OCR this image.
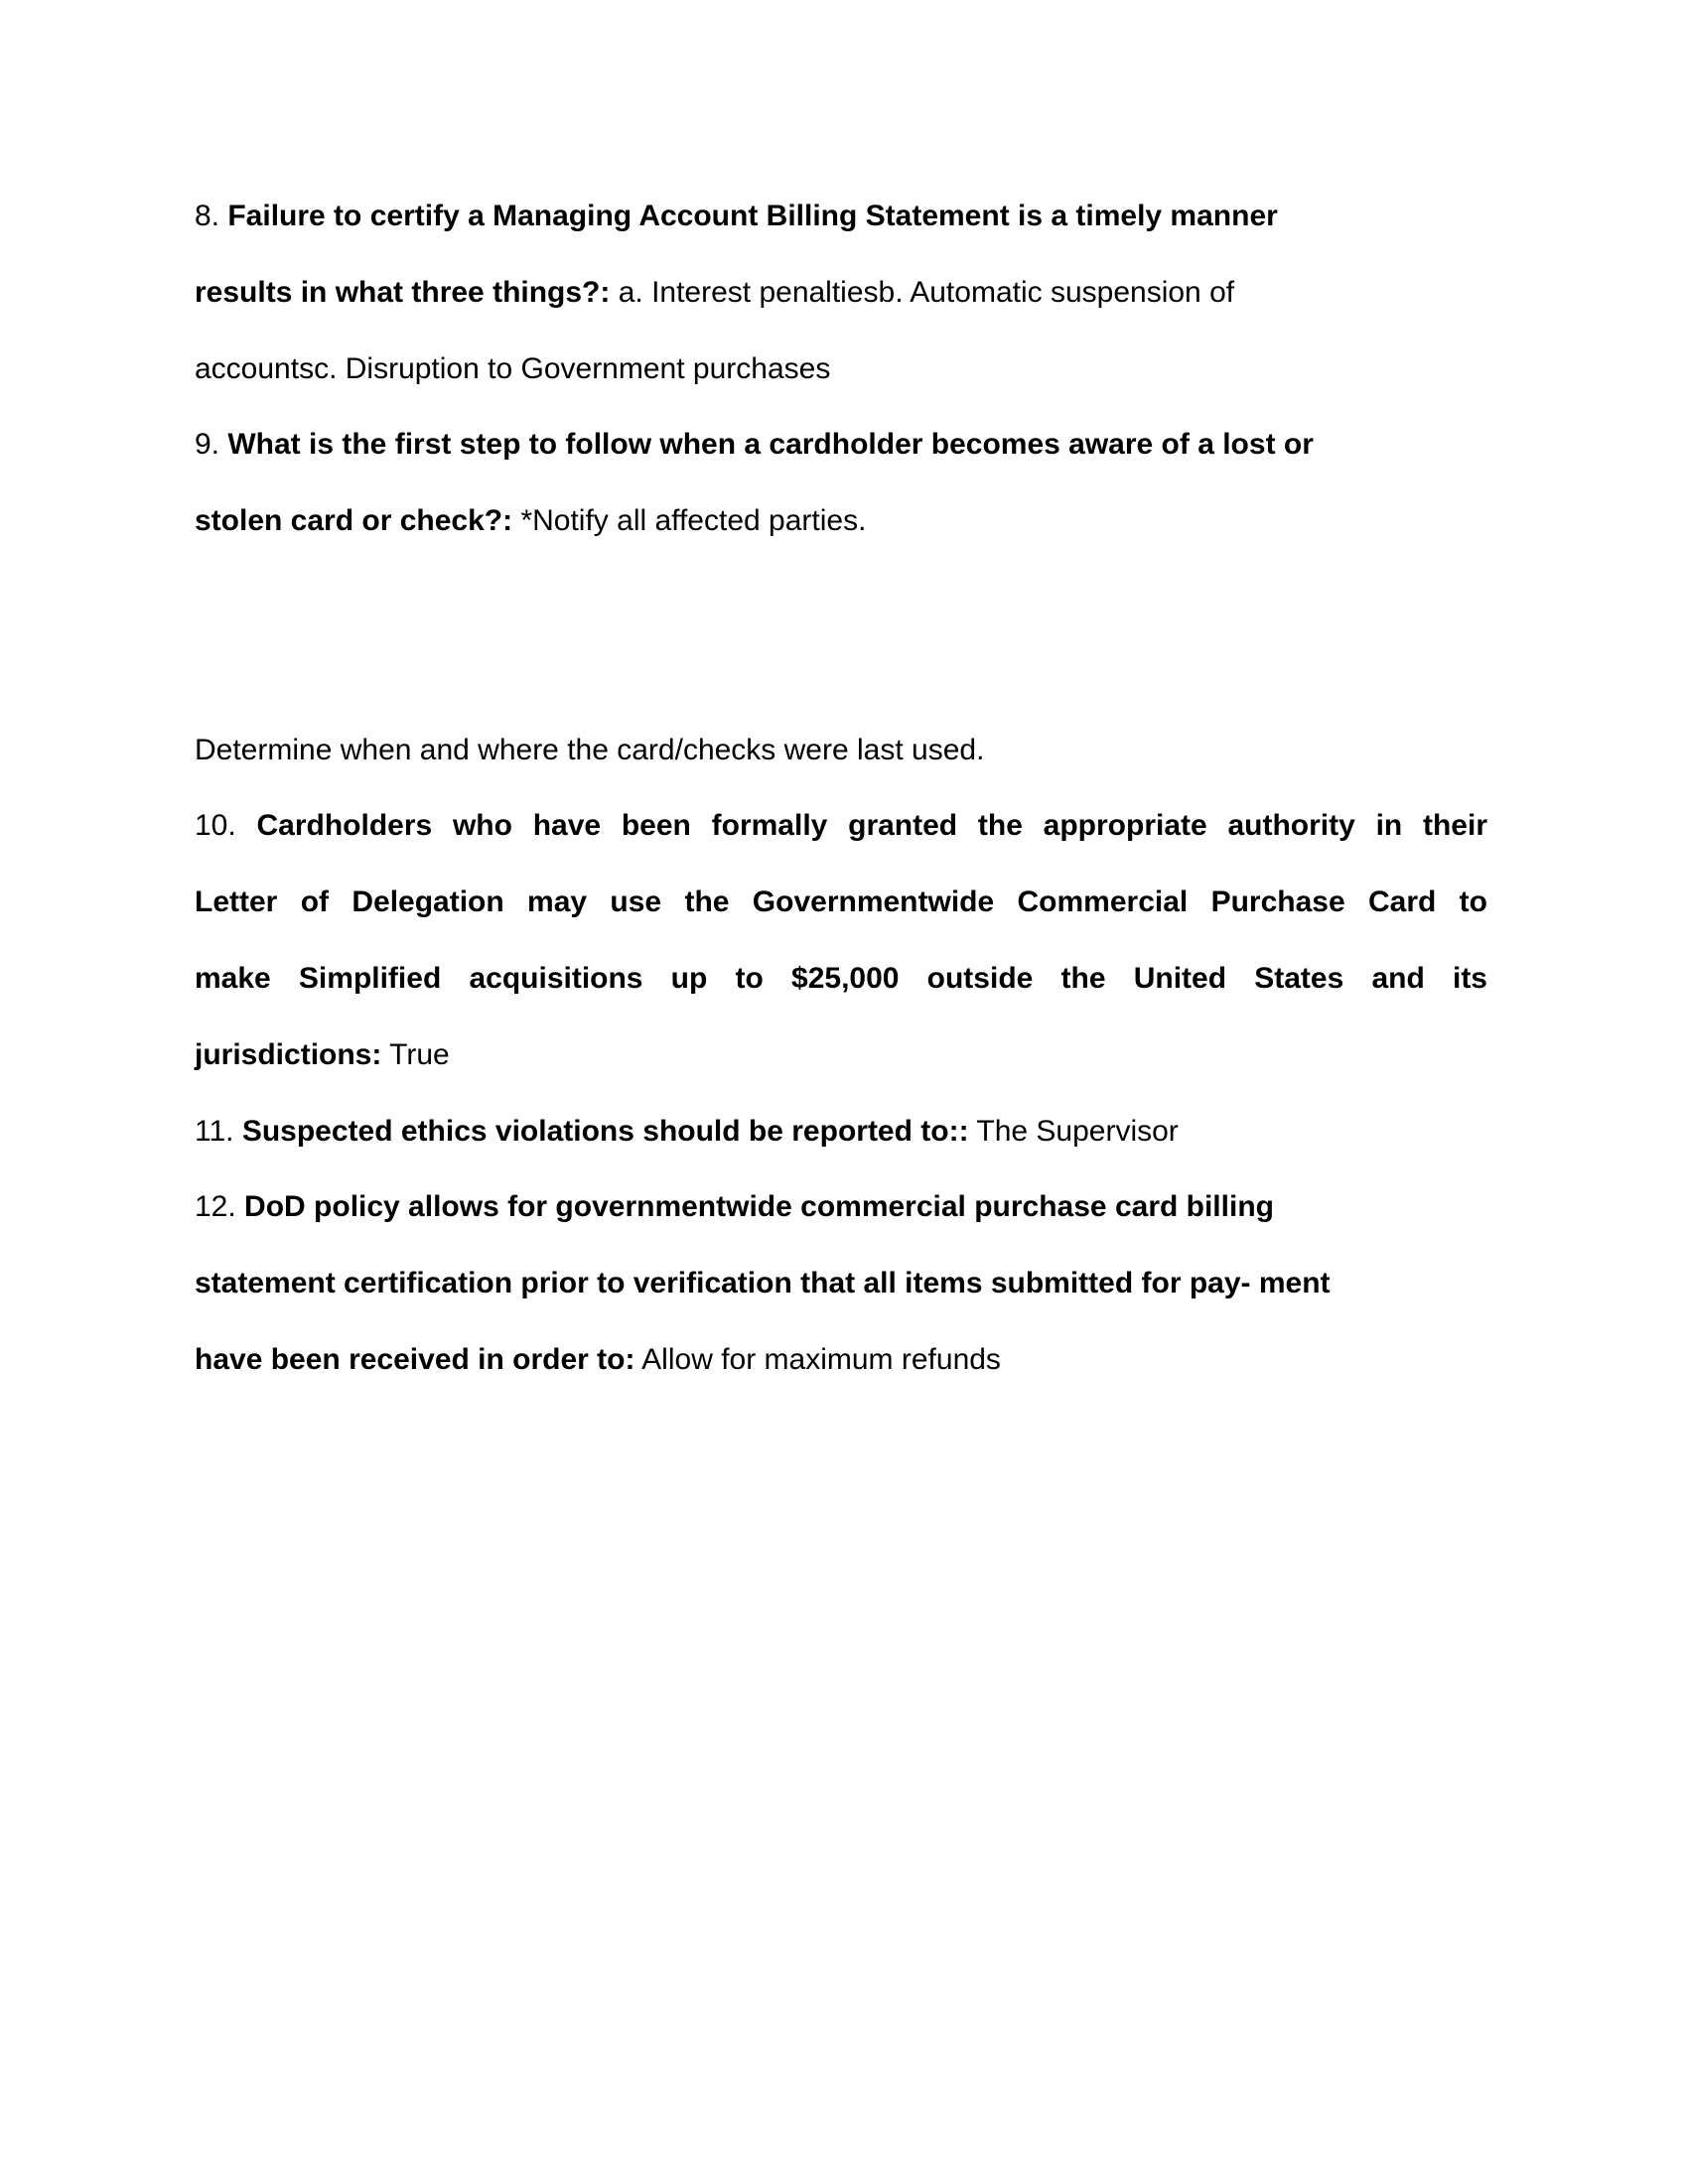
8. Failure to certify a Managing Account Billing Statement is a timely manner
results in what three things?: a. Interest penaltiesb. Automatic suspension of
accountsc. Disruption to Government purchases
9. What is the first step to follow when a cardholder becomes aware of a lost or
stolen card or check?: *Notify all affected parties.
Determine when and where the card/checks were last used.
10. Cardholders who have been formally granted the appropriate authority in their
Letter of Delegation may use the Governmentwide Commercial Purchase Card to
make Simplified acquisitions up to $25,000 outside the United States and its
jurisdictions: True
11. Suspected ethics violations should be reported to:: The Supervisor
12. DoD policy allows for governmentwide commercial purchase card billing
statement certification prior to verification that all items submitted for pay- ment
have been received in order to: Allow for maximum refunds
